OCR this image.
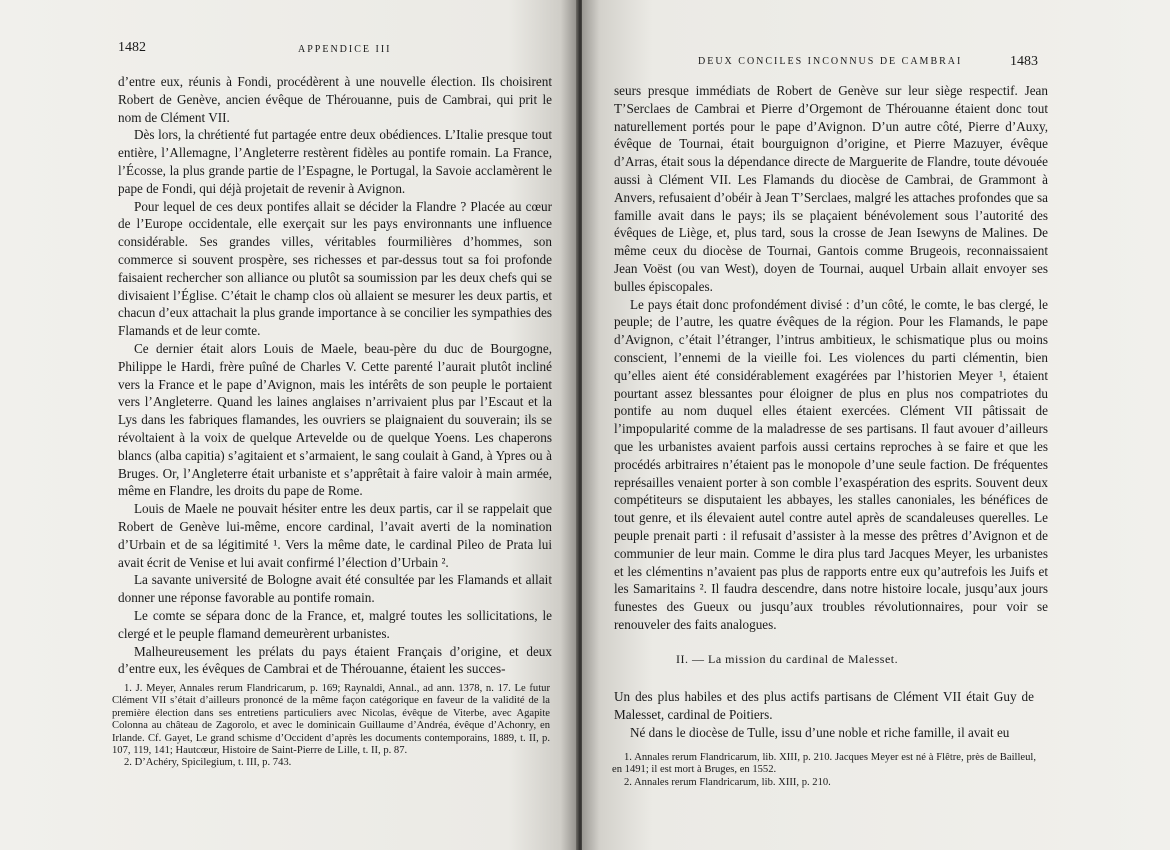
1482	APPENDICE III

d’entre eux, réunis à Fondi, procédèrent à une nouvelle élection. Ils choisirent Robert de Genève, ancien évêque de Thérouanne, puis de Cambrai, qui prit le nom de Clément VII.

Dès lors, la chrétienté fut partagée entre deux obédiences. L’Italie presque tout entière, l’Allemagne, l’Angleterre restèrent fidèles au pontife romain. La France, l’Écosse, la plus grande partie de l’Espagne, le Portugal, la Savoie acclamèrent le pape de Fondi, qui déjà projetait de revenir à Avignon.

Pour lequel de ces deux pontifes allait se décider la Flandre ? Placée au cœur de l’Europe occidentale, elle exerçait sur les pays environnants une influence considérable. Ses grandes villes, véritables fourmilières d’hommes, son commerce si souvent prospère, ses richesses et par-dessus tout sa foi profonde faisaient rechercher son alliance ou plutôt sa soumission par les deux chefs qui se divisaient l’Église. C’était le champ clos où allaient se mesurer les deux partis, et chacun d’eux attachait la plus grande importance à se concilier les sympathies des Flamands et de leur comte.

Ce dernier était alors Louis de Maele, beau-père du duc de Bourgogne, Philippe le Hardi, frère puîné de Charles V. Cette parenté l’aurait plutôt incliné vers la France et le pape d’Avignon, mais les intérêts de son peuple le portaient vers l’Angleterre. Quand les laines anglaises n’arrivaient plus par l’Escaut et la Lys dans les fabriques flamandes, les ouvriers se plaignaient du souverain; ils se révoltaient à la voix de quelque Artevelde ou de quelque Yoens. Les chaperons blancs (alba capitia) s’agitaient et s’armaient, le sang coulait à Gand, à Ypres ou à Bruges. Or, l’Angleterre était urbaniste et s’apprêtait à faire valoir à main armée, même en Flandre, les droits du pape de Rome.

Louis de Maele ne pouvait hésiter entre les deux partis, car il se rappelait que Robert de Genève lui-même, encore cardinal, l’avait averti de la nomination d’Urbain et de sa légitimité ¹. Vers la même date, le cardinal Pileo de Prata lui avait écrit de Venise et lui avait confirmé l’élection d’Urbain ².

La savante université de Bologne avait été consultée par les Flamands et allait donner une réponse favorable au pontife romain.

Le comte se sépara donc de la France, et, malgré toutes les sollicitations, le clergé et le peuple flamand demeurèrent urbanistes.

Malheureusement les prélats du pays étaient Français d’origine, et deux d’entre eux, les évêques de Cambrai et de Thérouanne, étaient les succes-

1. J. Meyer, Annales rerum Flandricarum, p. 169; Raynaldi, Annal., ad ann. 1378, n. 17. Le futur Clément VII s’était d’ailleurs prononcé de la même façon catégorique en faveur de la validité de la première élection dans ses entretiens particuliers avec Nicolas, évêque de Viterbe, avec Agapite Colonna au château de Zagorolo, et avec le dominicain Guillaume d’Andréa, évêque d’Achonry, en Irlande. Cf. Gayet, Le grand schisme d’Occident d’après les documents contemporains, 1889, t. II, p. 107, 119, 141; Hautcœur, Histoire de Saint-Pierre de Lille, t. II, p. 87.

2. D’Achéry, Spicilegium, t. III, p. 743.

DEUX CONCILES INCONNUS DE CAMBRAI	1483

seurs presque immédiats de Robert de Genève sur leur siège respectif. Jean T’Serclaes de Cambrai et Pierre d’Orgemont de Thérouanne étaient donc tout naturellement portés pour le pape d’Avignon. D’un autre côté, Pierre d’Auxy, évêque de Tournai, était bourguignon d’origine, et Pierre Mazuyer, évêque d’Arras, était sous la dépendance directe de Marguerite de Flandre, toute dévouée aussi à Clément VII. Les Flamands du diocèse de Cambrai, de Grammont à Anvers, refusaient d’obéir à Jean T’Serclaes, malgré les attaches profondes que sa famille avait dans le pays; ils se plaçaient bénévolement sous l’autorité des évêques de Liège, et, plus tard, sous la crosse de Jean Isewyns de Malines. De même ceux du diocèse de Tournai, Gantois comme Brugeois, reconnaissaient Jean Voëst (ou van West), doyen de Tournai, auquel Urbain allait envoyer ses bulles épiscopales.

Le pays était donc profondément divisé : d’un côté, le comte, le bas clergé, le peuple; de l’autre, les quatre évêques de la région. Pour les Flamands, le pape d’Avignon, c’était l’étranger, l’intrus ambitieux, le schismatique plus ou moins conscient, l’ennemi de la vieille foi. Les violences du parti clémentin, bien qu’elles aient été considérablement exagérées par l’historien Meyer ¹, étaient pourtant assez blessantes pour éloigner de plus en plus nos compatriotes du pontife au nom duquel elles étaient exercées. Clément VII pâtissait de l’impopularité comme de la maladresse de ses partisans. Il faut avouer d’ailleurs que les urbanistes avaient parfois aussi certains reproches à se faire et que les procédés arbitraires n’étaient pas le monopole d’une seule faction. De fréquentes représailles venaient porter à son comble l’exaspération des esprits. Souvent deux compétiteurs se disputaient les abbayes, les stalles canoniales, les bénéfices de tout genre, et ils élevaient autel contre autel après de scandaleuses querelles. Le peuple prenait parti : il refusait d’assister à la messe des prêtres d’Avignon et de communier de leur main. Comme le dira plus tard Jacques Meyer, les urbanistes et les clémentins n’avaient pas plus de rapports entre eux qu’autrefois les Juifs et les Samaritains ². Il faudra descendre, dans notre histoire locale, jusqu’aux jours funestes des Gueux ou jusqu’aux troubles révolutionnaires, pour voir se renouveler des faits analogues.

II. — La mission du cardinal de Malesset.

Un des plus habiles et des plus actifs partisans de Clément VII était Guy de Malesset, cardinal de Poitiers.

Né dans le diocèse de Tulle, issu d’une noble et riche famille, il avait eu

1. Annales rerum Flandricarum, lib. XIII, p. 210. Jacques Meyer est né à Flêtre, près de Bailleul, en 1491; il est mort à Bruges, en 1552.

2. Annales rerum Flandricarum, lib. XIII, p. 210.
